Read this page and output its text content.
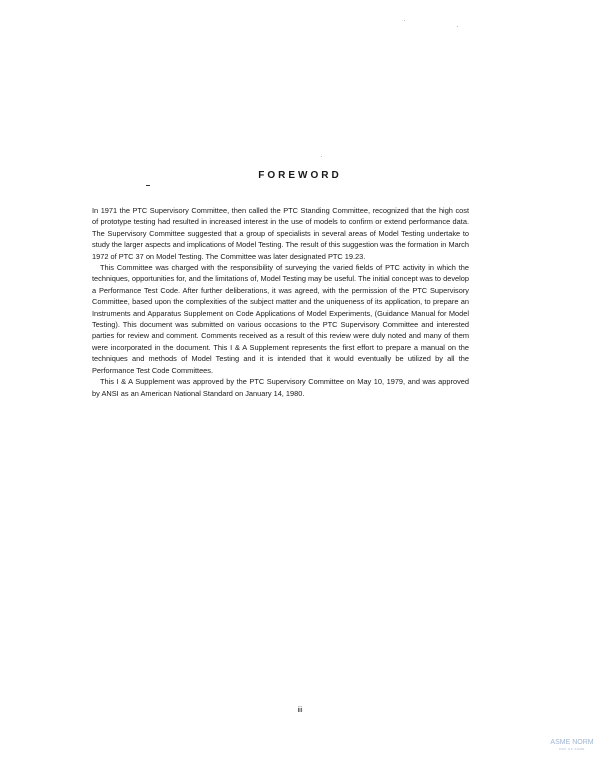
FOREWORD

In 1971 the PTC Supervisory Committee, then called the PTC Standing Committee, recognized that the high cost of prototype testing had resulted in increased interest in the use of models to confirm or extend performance data. The Supervisory Committee suggested that a group of specialists in several areas of Model Testing undertake to study the larger aspects and implications of Model Testing. The result of this suggestion was the formation in March 1972 of PTC 37 on Model Testing. The Committee was later designated PTC 19.23.

This Committee was charged with the responsibility of surveying the varied fields of PTC activity in which the techniques, opportunities for, and the limitations of, Model Testing may be useful. The initial concept was to develop a Performance Test Code. After further deliberations, it was agreed, with the permission of the PTC Supervisory Committee, based upon the complexities of the subject matter and the uniqueness of its application, to prepare an Instruments and Apparatus Supplement on Code Applications of Model Experiments, (Guidance Manual for Model Testing). This document was submitted on various occasions to the PTC Supervisory Committee and interested parties for review and comment. Comments received as a result of this review were duly noted and many of them were incorporated in the document. This I & A Supplement represents the first effort to prepare a manual on the techniques and methods of Model Testing and it is intended that it would eventually be utilized by all the Performance Test Code Committees.

This I & A Supplement was approved by the PTC Supervisory Committee on May 10, 1979, and was approved by ANSI as an American National Standard on January 14, 1980.

iii
ASME NORM
PDF OF ASME
